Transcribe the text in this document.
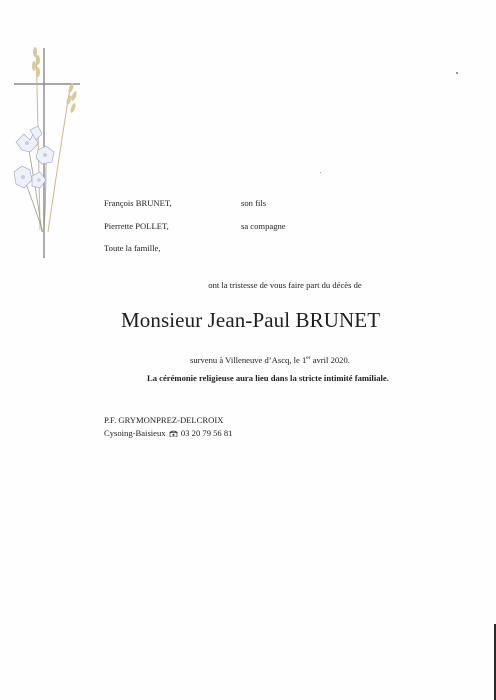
François BRUNET,	son fils
Pierrette POLLET,	sa compagne
Toute la famille,
ont la tristesse de vous faire part du décès de
Monsieur Jean-Paul BRUNET
survenu à Villeneuve d’Ascq, le 1er avril 2020.
La cérémonie religieuse aura lieu dans la stricte intimité familiale.
P.F. GRYMONPREZ-DELCROIX
Cysoing-Baisieux 03 20 79 56 81
